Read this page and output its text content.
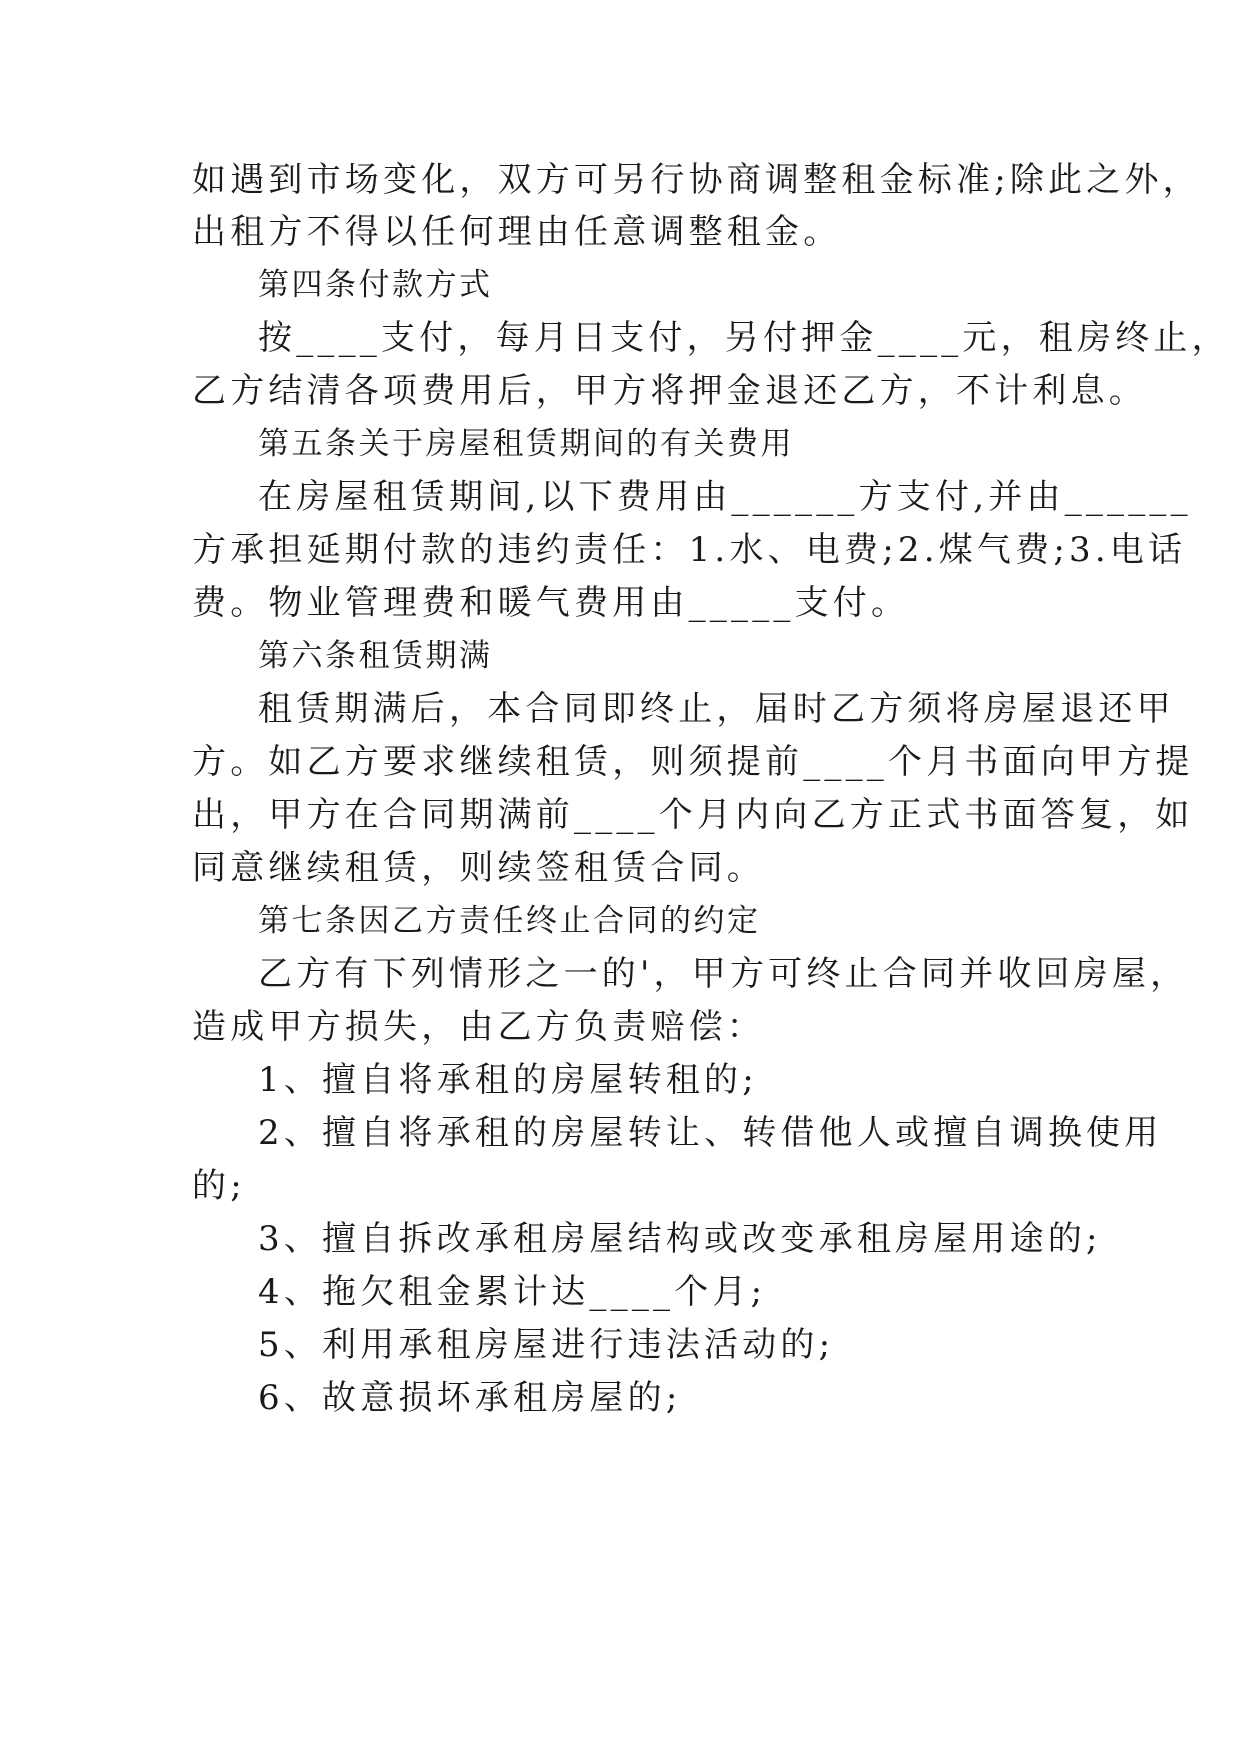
如遇到市场变化，双方可另行协商调整租金标准;除此之外，
出租方不得以任何理由任意调整租金。
第四条付款方式
按____支付，每月日支付，另付押金____元，租房终止，
乙方结清各项费用后，甲方将押金退还乙方，不计利息。
第五条关于房屋租赁期间的有关费用
在房屋租赁期间,以下费用由______方支付,并由______
方承担延期付款的违约责任：1.水、电费;2.煤气费;3.电话
费。物业管理费和暖气费用由_____支付。
第六条租赁期满
租赁期满后，本合同即终止，届时乙方须将房屋退还甲
方。如乙方要求继续租赁，则须提前____个月书面向甲方提
出，甲方在合同期满前____个月内向乙方正式书面答复，如
同意继续租赁，则续签租赁合同。
第七条因乙方责任终止合同的约定
乙方有下列情形之一的'，甲方可终止合同并收回房屋，
造成甲方损失，由乙方负责赔偿：
1、擅自将承租的房屋转租的;
2、擅自将承租的房屋转让、转借他人或擅自调换使用
的;
3、擅自拆改承租房屋结构或改变承租房屋用途的;
4、拖欠租金累计达____个月;
5、利用承租房屋进行违法活动的;
6、故意损坏承租房屋的;
